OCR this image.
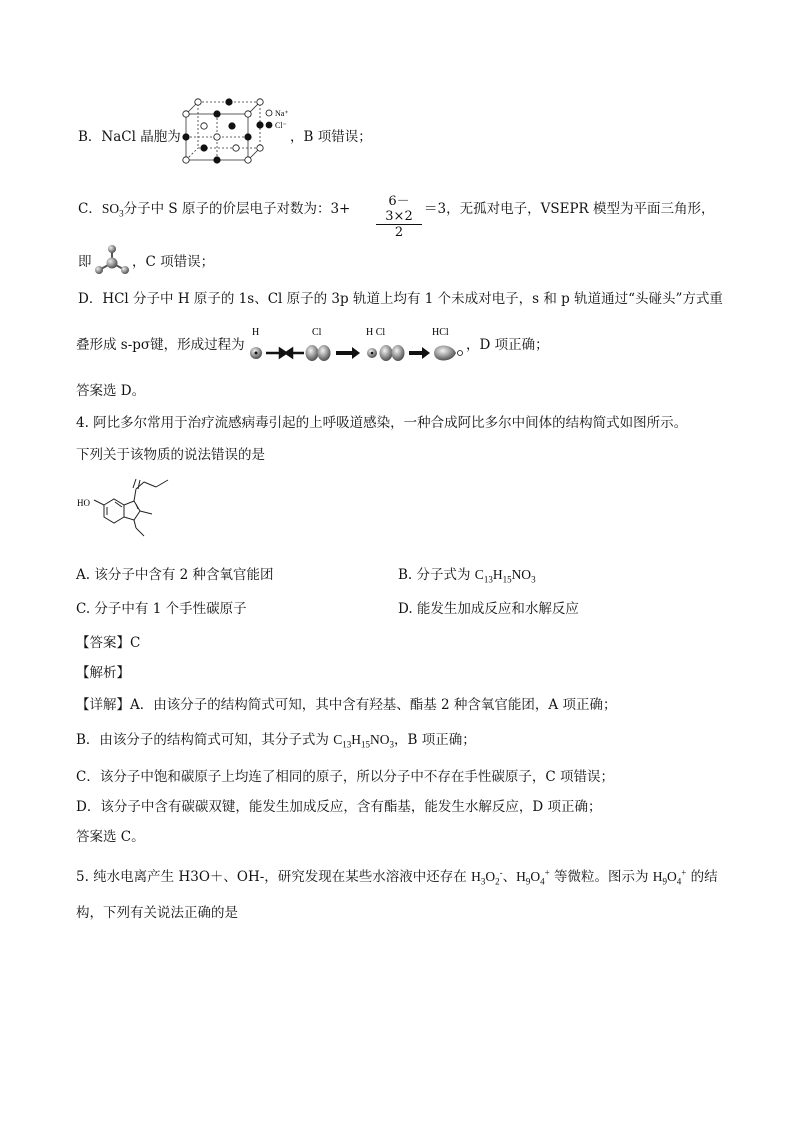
B．NaCl 晶胞为
Na⁺
Cl⁻
，B 项错误；
C．$SO_3$分子中 S 原子的价层电子对数为：$3+ \frac{6-3\times 2}{2} =3$，无孤对电子，VSEPR 模型为平面三角形，
即	，C 项错误；
D．HCl 分子中 H 原子的 1s、Cl 原子的 3p 轨道上均有 1 个未成对电子，s 和 p 轨道通过“头碰头”方式重
叠形成 s-pσ键，形成过程为
H	Cl	H Cl	HCl
，D 项正确；
答案选 D。
4. 阿比多尔常用于治疗流感病毒引起的上呼吸道感染，一种合成阿比多尔中间体的结构简式如图所示。
下列关于该物质的说法错误的是
HO
A. 该分子中含有 2 种含氧官能团	B. 分子式为 $C_{13}H_{15}NO_3$
C. 分子中有 1 个手性碳原子	D. 能发生加成反应和水解反应
【答案】C
【解析】
【详解】A．由该分子的结构简式可知，其中含有羟基、酯基 2 种含氧官能团，A 项正确；
B．由该分子的结构简式可知，其分子式为 $C_{13}H_{15}NO_3$，B 项正确；
C．该分子中饱和碳原子上均连了相同的原子，所以分子中不存在手性碳原子，C 项错误；
D．该分子中含有碳碳双键，能发生加成反应，含有酯基，能发生水解反应，D 项正确；
答案选 C。
5. 纯水电离产生 H3O＋、OH-，研究发现在某些水溶液中还存在 $H_3O_2^-$、$H_9O_4^+$ 等微粒。图示为 $H_9O_4^+$ 的结
构，下列有关说法正确的是
